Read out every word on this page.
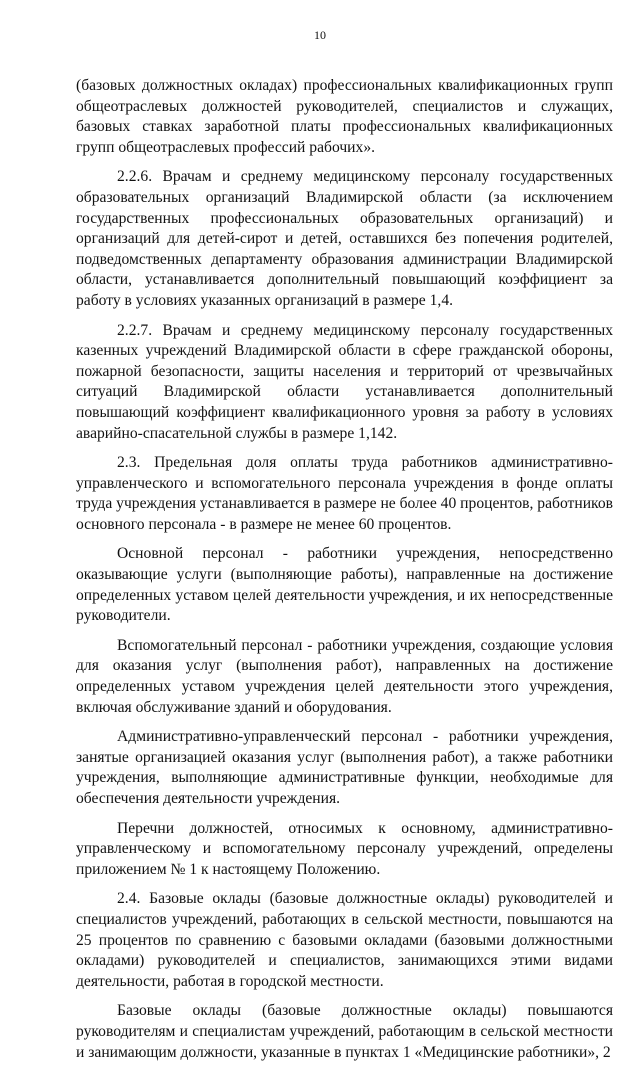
10

(базовых должностных окладах) профессиональных квалификационных групп общеотраслевых должностей руководителей, специалистов и служащих, базовых ставках заработной платы профессиональных квалификационных групп общеотраслевых профессий рабочих».

2.2.6. Врачам и среднему медицинскому персоналу государственных образовательных организаций Владимирской области (за исключением государственных профессиональных образовательных организаций) и организаций для детей-сирот и детей, оставшихся без попечения родителей, подведомственных департаменту образования администрации Владимирской области, устанавливается дополнительный повышающий коэффициент за работу в условиях указанных организаций в размере 1,4.

2.2.7. Врачам и среднему медицинскому персоналу государственных казенных учреждений Владимирской области в сфере гражданской обороны, пожарной безопасности, защиты населения и территорий от чрезвычайных ситуаций Владимирской области устанавливается дополнительный повышающий коэффициент квалификационного уровня за работу в условиях аварийно-спасательной службы в размере 1,142.

2.3. Предельная доля оплаты труда работников административно-управленческого и вспомогательного персонала учреждения в фонде оплаты труда учреждения устанавливается в размере не более 40 процентов, работников основного персонала - в размере не менее 60 процентов.

Основной персонал - работники учреждения, непосредственно оказывающие услуги (выполняющие работы), направленные на достижение определенных уставом целей деятельности учреждения, и их непосредственные руководители.

Вспомогательный персонал - работники учреждения, создающие условия для оказания услуг (выполнения работ), направленных на достижение определенных уставом учреждения целей деятельности этого учреждения, включая обслуживание зданий и оборудования.

Административно-управленческий персонал - работники учреждения, занятые организацией оказания услуг (выполнения работ), а также работники учреждения, выполняющие административные функции, необходимые для обеспечения деятельности учреждения.

Перечни должностей, относимых к основному, административно-управленческому и вспомогательному персоналу учреждений, определены приложением № 1 к настоящему Положению.

2.4. Базовые оклады (базовые должностные оклады) руководителей и специалистов учреждений, работающих в сельской местности, повышаются на 25 процентов по сравнению с базовыми окладами (базовыми должностными окладами) руководителей и специалистов, занимающихся этими видами деятельности, работая в городской местности.

Базовые оклады (базовые должностные оклады) повышаются руководителям и специалистам учреждений, работающим в сельской местности и занимающим должности, указанные в пунктах 1 «Медицинские работники», 2
